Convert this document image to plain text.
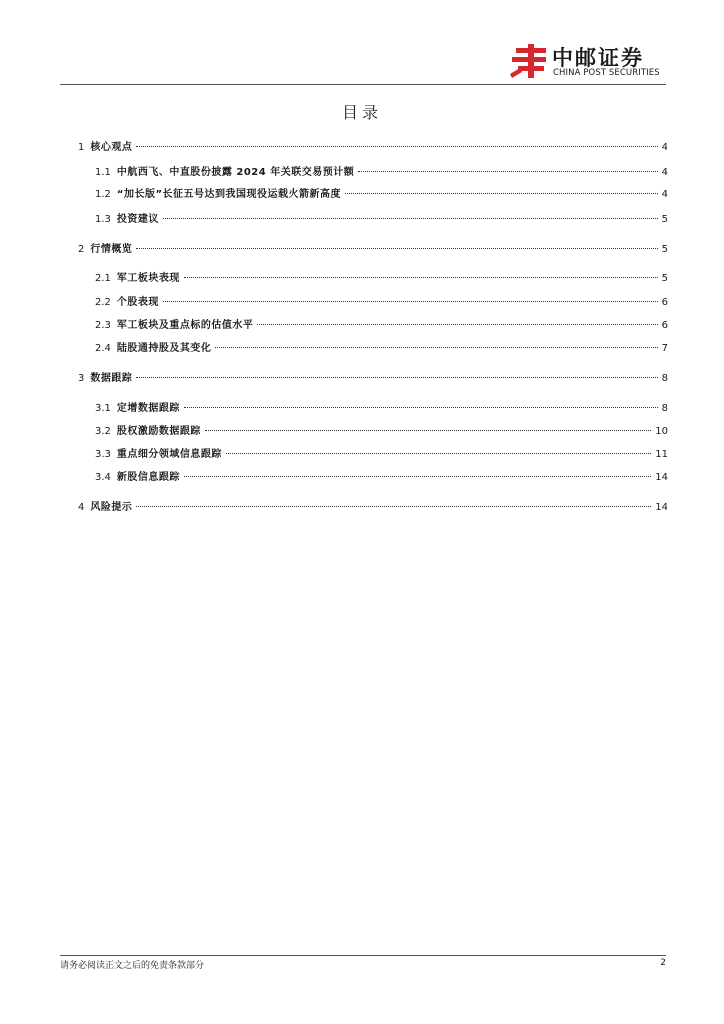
中邮证券
CHINA POST SECURITIES
目录
1 核心观点	4
1.1 中航西飞、中直股份披露 2024 年关联交易预计额	4
1.2 “加长版”长征五号达到我国现役运载火箭新高度	4
1.3 投资建议	5
2 行情概览	5
2.1 军工板块表现	5
2.2 个股表现	6
2.3 军工板块及重点标的估值水平	6
2.4 陆股通持股及其变化	7
3 数据跟踪	8
3.1 定增数据跟踪	8
3.2 股权激励数据跟踪	10
3.3 重点细分领域信息跟踪	11
3.4 新股信息跟踪	14
4 风险提示	14
请务必阅读正文之后的免责条款部分	2
